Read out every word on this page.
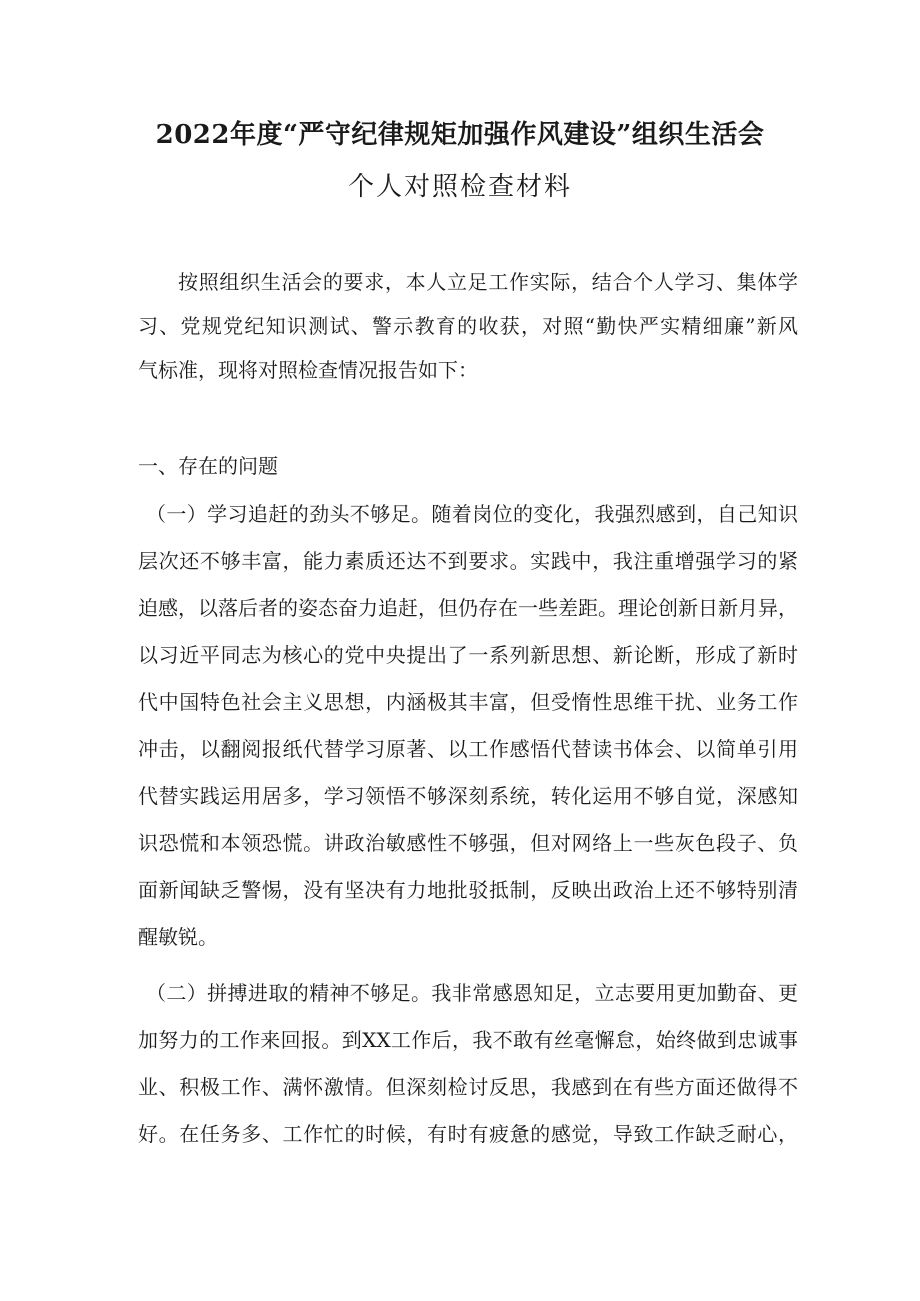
2022年度“严守纪律规矩加强作风建设”组织生活会
个人对照检查材料
按照组织生活会的要求，本人立足工作实际，结合个人学习、集体学
习、党规党纪知识测试、警示教育的收获，对照“勤快严实精细廉”新风
气标准，现将对照检查情况报告如下：
一、存在的问题
（一）学习追赶的劲头不够足。随着岗位的变化，我强烈感到，自己知识
层次还不够丰富，能力素质还达不到要求。实践中，我注重增强学习的紧
迫感，以落后者的姿态奋力追赶，但仍存在一些差距。理论创新日新月异，
以习近平同志为核心的党中央提出了一系列新思想、新论断，形成了新时
代中国特色社会主义思想，内涵极其丰富，但受惰性思维干扰、业务工作
冲击，以翻阅报纸代替学习原著、以工作感悟代替读书体会、以简单引用
代替实践运用居多，学习领悟不够深刻系统，转化运用不够自觉，深感知
识恐慌和本领恐慌。讲政治敏感性不够强，但对网络上一些灰色段子、负
面新闻缺乏警惕，没有坚决有力地批驳抵制，反映出政治上还不够特别清
醒敏锐。
（二）拼搏进取的精神不够足。我非常感恩知足，立志要用更加勤奋、更
加努力的工作来回报。到XX工作后，我不敢有丝毫懈怠，始终做到忠诚事
业、积极工作、满怀激情。但深刻检讨反思，我感到在有些方面还做得不
好。在任务多、工作忙的时候，有时有疲惫的感觉，导致工作缺乏耐心，
